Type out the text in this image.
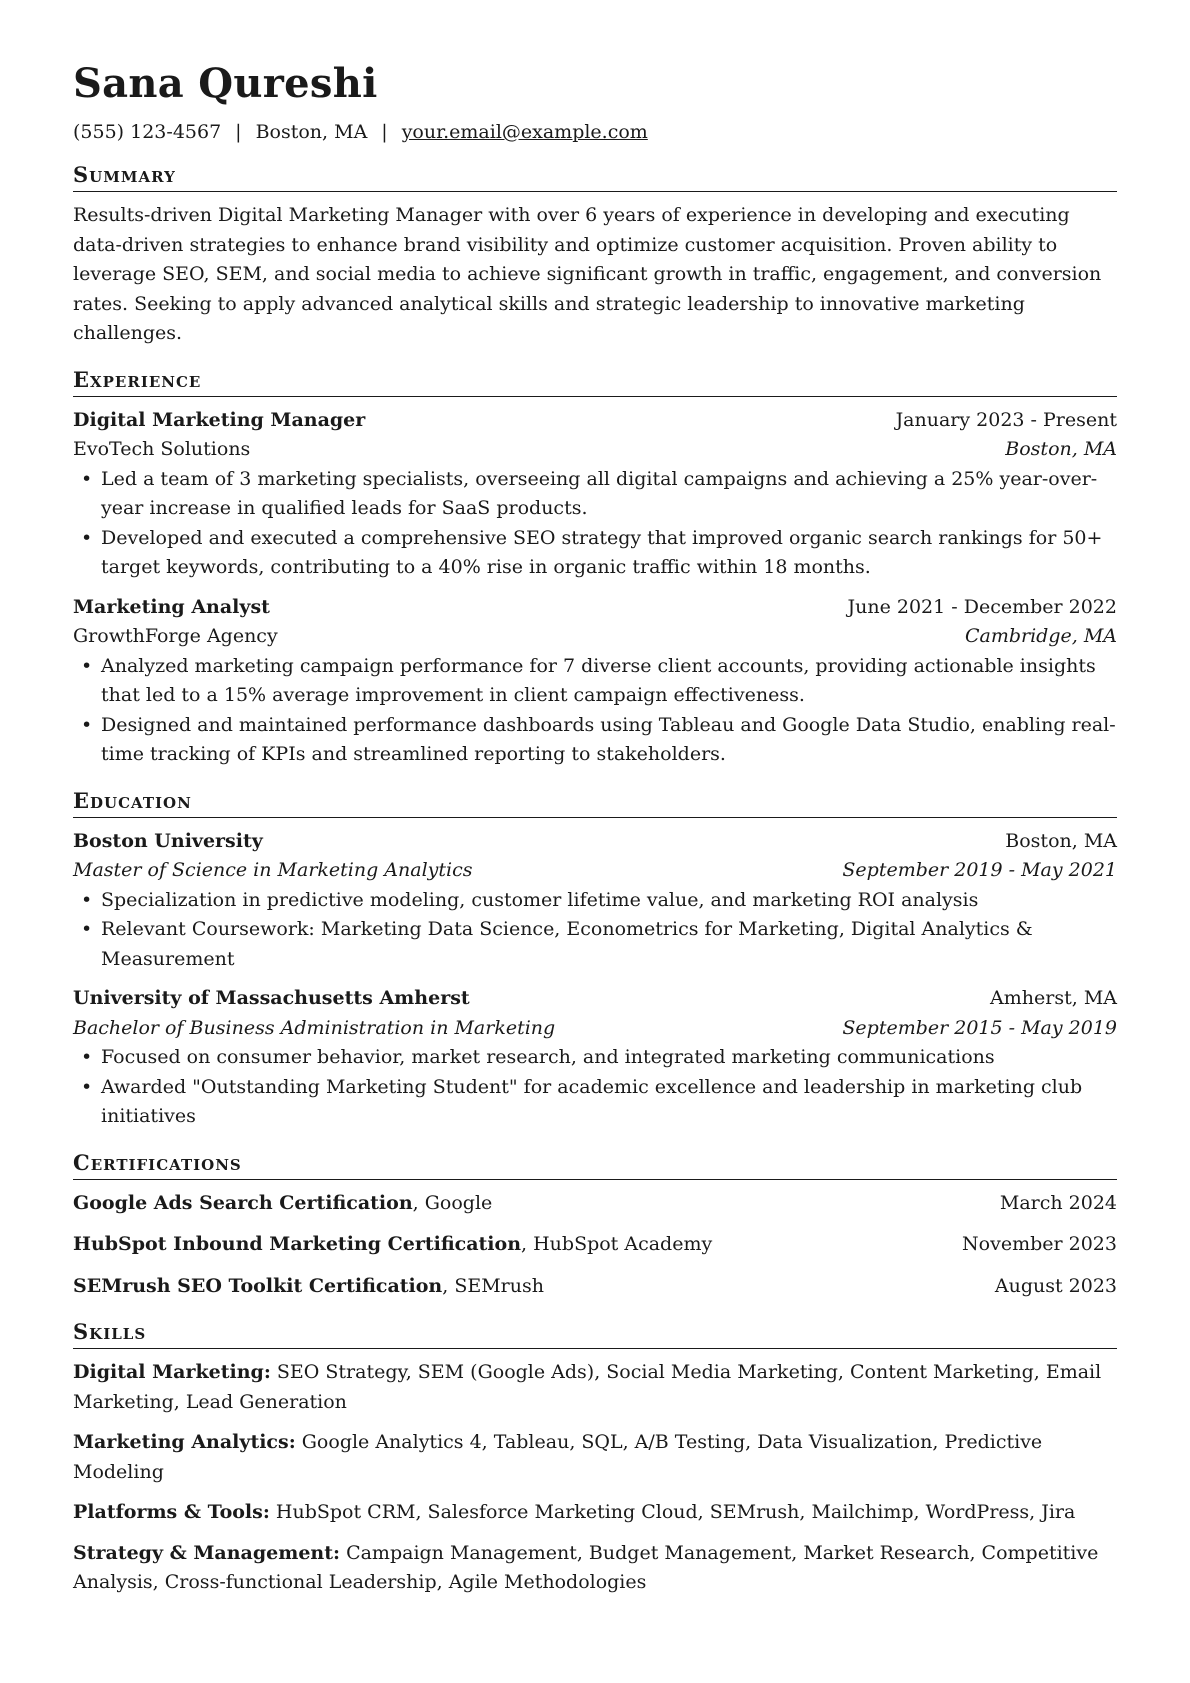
Sana Qureshi
(555) 123-4567 | Boston, MA | your.email@example.com
Summary

Results-driven Digital Marketing Manager with over 6 years of experience in developing and executing data-driven strategies to enhance brand visibility and optimize customer acquisition. Proven ability to leverage SEO, SEM, and social media to achieve significant growth in traffic, engagement, and conversion rates. Seeking to apply advanced analytical skills and strategic leadership to innovative marketing challenges.

Experience
Digital Marketing Manager	January 2023 - Present
EvoTech Solutions	Boston, MA
• Led a team of 3 marketing specialists, overseeing all digital campaigns and achieving a 25% year-over-year increase in qualified leads for SaaS products.
• Developed and executed a comprehensive SEO strategy that improved organic search rankings for 50+ target keywords, contributing to a 40% rise in organic traffic within 18 months.
Marketing Analyst	June 2021 - December 2022
GrowthForge Agency	Cambridge, MA
• Analyzed marketing campaign performance for 7 diverse client accounts, providing actionable insights that led to a 15% average improvement in client campaign effectiveness.
• Designed and maintained performance dashboards using Tableau and Google Data Studio, enabling real-time tracking of KPIs and streamlined reporting to stakeholders.
Education
Boston University	Boston, MA
Master of Science in Marketing Analytics	September 2019 - May 2021
• Specialization in predictive modeling, customer lifetime value, and marketing ROI analysis
• Relevant Coursework: Marketing Data Science, Econometrics for Marketing, Digital Analytics & Measurement
University of Massachusetts Amherst	Amherst, MA
Bachelor of Business Administration in Marketing	September 2015 - May 2019
• Focused on consumer behavior, market research, and integrated marketing communications
• Awarded "Outstanding Marketing Student" for academic excellence and leadership in marketing club initiatives
Certifications
Google Ads Search Certification, Google	March 2024
HubSpot Inbound Marketing Certification, HubSpot Academy	November 2023
SEMrush SEO Toolkit Certification, SEMrush	August 2023
Skills
Digital Marketing: SEO Strategy, SEM (Google Ads), Social Media Marketing, Content Marketing, Email Marketing, Lead Generation
Marketing Analytics: Google Analytics 4, Tableau, SQL, A/B Testing, Data Visualization, Predictive Modeling
Platforms & Tools: HubSpot CRM, Salesforce Marketing Cloud, SEMrush, Mailchimp, WordPress, Jira
Strategy & Management: Campaign Management, Budget Management, Market Research, Competitive Analysis, Cross-functional Leadership, Agile Methodologies
